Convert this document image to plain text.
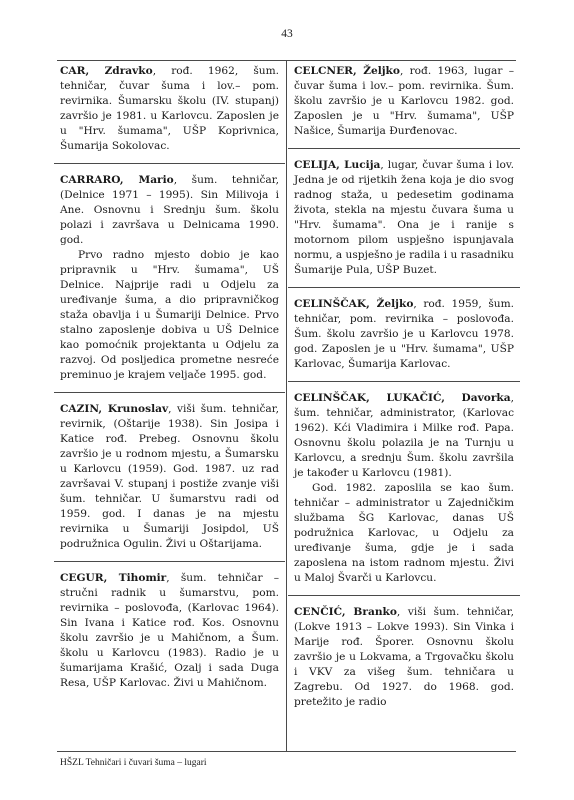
43

CAR, Zdravko, rođ. 1962, šum. tehničar, čuvar šuma i lov.– pom. revirnika. Šumarsku školu (IV. stupanj) završio je 1981. u Karlovcu. Zaposlen je u "Hrv. šumama", UŠP Koprivnica, Šumarija Sokolovac.

CARRARO, Mario, šum. tehničar, (Delnice 1971 – 1995). Sin Milivoja i Ane. Osnovnu i Srednju šum. školu polazi i završava u Delnicama 1990. god.
Prvo radno mjesto dobio je kao pripravnik u "Hrv. šumama", UŠ Delnice. Najprije radi u Odjelu za uređivanje šuma, a dio pripravničkog staža obavlja i u Šumariji Delnice. Prvo stalno zaposlenje dobiva u UŠ Delnice kao pomoćnik projektanta u Odjelu za razvoj. Od posljedica prometne nesreće preminuo je krajem veljače 1995. god.

CAZIN, Krunoslav, viši šum. tehničar, revirnik, (Oštarije 1938). Sin Josipa i Katice rođ. Prebeg. Osnovnu školu završio je u rodnom mjestu, a Šumarsku u Karlovcu (1959). God. 1987. uz rad završavai V. stupanj i postiže zvanje viši šum. tehničar. U šumarstvu radi od 1959. god. I danas je na mjestu revirnika u Šumariji Josipdol, UŠ podružnica Ogulin. Živi u Oštarijama.

CEGUR, Tihomir, šum. tehničar – stručni radnik u šumarstvu, pom. revirnika – poslovođa, (Karlovac 1964). Sin Ivana i Katice rođ. Kos. Osnovnu školu završio je u Mahičnom, a Šum. školu u Karlovcu (1983). Radio je u šumarijama Krašić, Ozalj i sada Duga Resa, UŠP Karlovac. Živi u Mahičnom.

CELCNER, Željko, rođ. 1963, lugar – čuvar šuma i lov.– pom. revirnika. Šum. školu završio je u Karlovcu 1982. god. Zaposlen je u "Hrv. šumama", UŠP Našice, Šumarija Đurđenovac.

CELIJA, Lucija, lugar, čuvar šuma i lov. Jedna je od rijetkih žena koja je dio svog radnog staža, u pedesetim godinama života, stekla na mjestu čuvara šuma u "Hrv. šumama". Ona je i ranije s motornom pilom uspješno ispunjavala normu, a uspješno je radila i u rasadniku Šumarije Pula, UŠP Buzet.

CELINŠČAK, Željko, rođ. 1959, šum. tehničar, pom. revirnika – poslovođa. Šum. školu završio je u Karlovcu 1978. god. Zaposlen je u "Hrv. šumama", UŠP Karlovac, Šumarija Karlovac.

CELINŠČAK, LUKAČIĆ, Davorka, šum. tehničar, administrator, (Karlovac 1962). Kći Vladimira i Milke rođ. Papa. Osnovnu školu polazila je na Turnju u Karlovcu, a srednju Šum. školu završila je također u Karlovcu (1981).
God. 1982. zaposlila se kao šum. tehničar – administrator u Zajedničkim službama ŠG Karlovac, danas UŠ podružnica Karlovac, u Odjelu za uređivanje šuma, gdje je i sada zaposlena na istom radnom mjestu. Živi u Maloj Švarči u Karlovcu.

CENČIĆ, Branko, viši šum. tehničar, (Lokve 1913 – Lokve 1993). Sin Vinka i Marije rođ. Šporer. Osnovnu školu završio je u Lokvama, a Trgovačku školu i VKV za višeg šum. tehničara u Zagrebu. Od 1927. do 1968. god. pretežito je radio

HŠZL Tehničari i čuvari šuma – lugari
